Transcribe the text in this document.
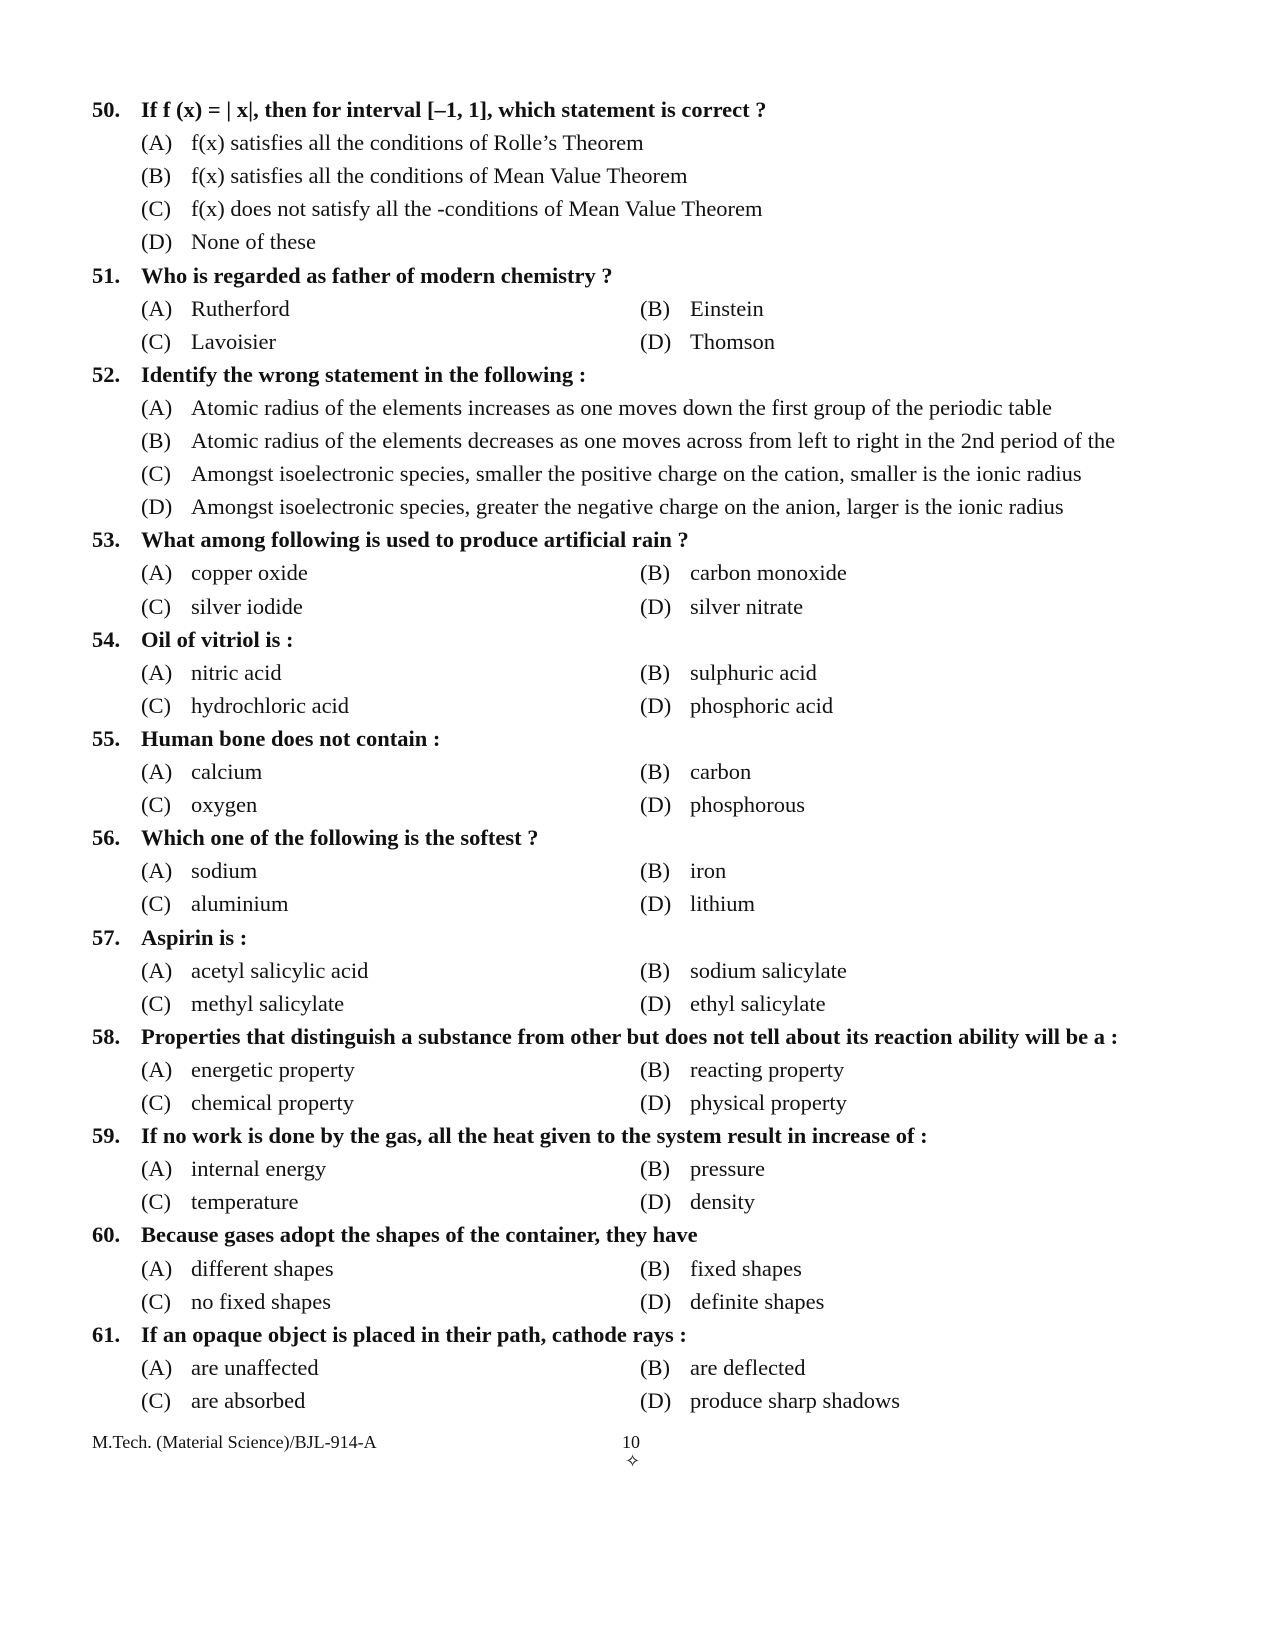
50. If f (x) = | x|, then for interval [–1, 1], which statement is correct ?
(A) f(x) satisfies all the conditions of Rolle’s Theorem
(B) f(x) satisfies all the conditions of Mean Value Theorem
(C) f(x) does not satisfy all the -conditions of Mean Value Theorem
(D) None of these
51. Who is regarded as father of modern chemistry ?
(A) Rutherford	(B) Einstein
(C) Lavoisier	(D) Thomson
52. Identify the wrong statement in the following :
(A) Atomic radius of the elements increases as one moves down the first group of the periodic table
(B) Atomic radius of the elements decreases as one moves across from left to right in the 2nd period of the
(C) Amongst isoelectronic species, smaller the positive charge on the cation, smaller is the ionic radius
(D) Amongst isoelectronic species, greater the negative charge on the anion, larger is the ionic radius
53. What among following is used to produce artificial rain ?
(A) copper oxide	(B) carbon monoxide
(C) silver iodide	(D) silver nitrate
54. Oil of vitriol is :
(A) nitric acid	(B) sulphuric acid
(C) hydrochloric acid	(D) phosphoric acid
55. Human bone does not contain :
(A) calcium	(B) carbon
(C) oxygen	(D) phosphorous
56. Which one of the following is the softest ?
(A) sodium	(B) iron
(C) aluminium	(D) lithium
57. Aspirin is :
(A) acetyl salicylic acid	(B) sodium salicylate
(C) methyl salicylate	(D) ethyl salicylate
58. Properties that distinguish a substance from other but does not tell about its reaction ability will be a :
(A) energetic property	(B) reacting property
(C) chemical property	(D) physical property
59.If no work is done by the gas, all the heat given to the system result in increase of :
(A) internal energy	(B) pressure
(C) temperature	(D) density
60. Because gases adopt the shapes of the container, they have
(A) different shapes	(B) fixed shapes
(C) no fixed shapes	(D) definite shapes
61. If an opaque object is placed in their path, cathode rays :
(A) are unaffected	(B) are deflected
(C) are absorbed	(D) produce sharp shadows
M.Tech. (Material Science)/BJL-914-A	10
✧
